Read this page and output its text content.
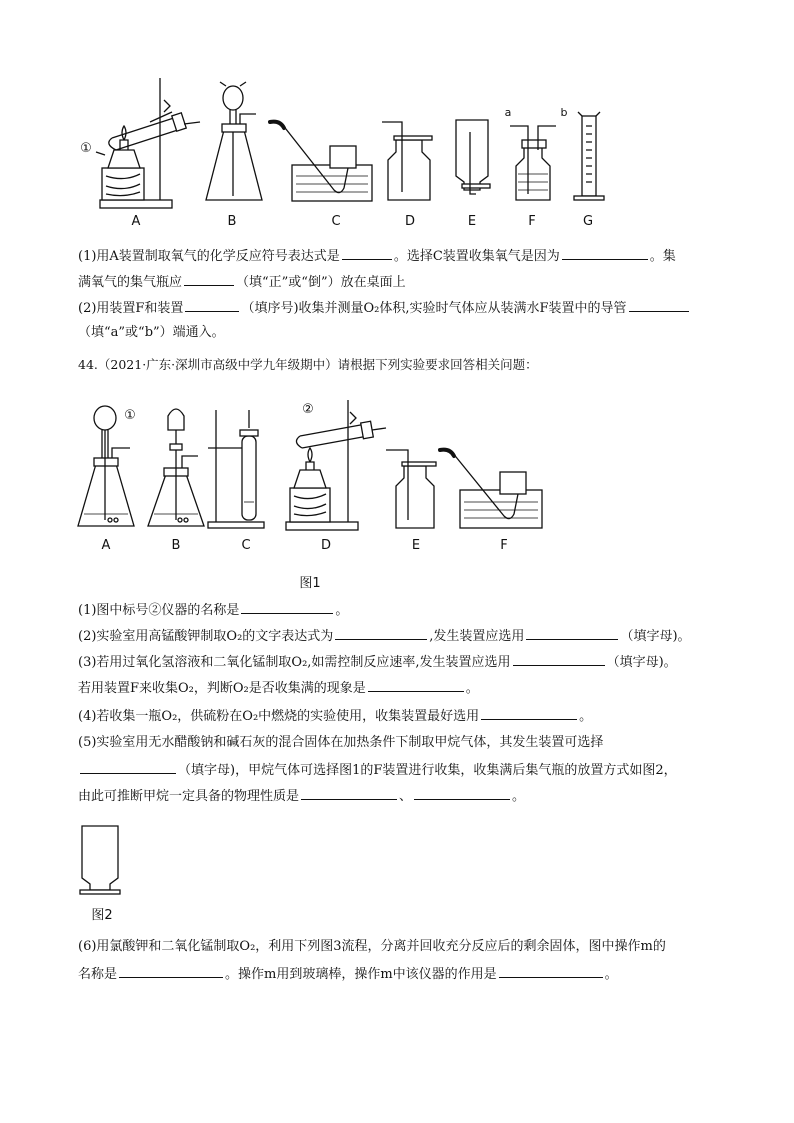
①
a	b
A	B	C	D	E	F	G
(1)用A装置制取氧气的化学反应符号表达式是	。选择C装置收集氧气是因为	。集
满氧气的集气瓶应	（填“正”或“倒”）放在桌面上
(2)用装置F和装置	（填序号)收集并测量O₂体积,实验时气体应从装满水F装置中的导管
（填“a”或“b”）端通入。
44.（2021·广东·深圳市高级中学九年级期中）请根据下列实验要求回答相关问题：
①	②
A	B	C	D	E	F
图1
(1)图中标号②仪器的名称是	。
(2)实验室用高锰酸钾制取O₂的文字表达式为	,发生装置应选用	（填字母)。
(3)若用过氧化氢溶液和二氧化锰制取O₂,如需控制反应速率,发生装置应选用	（填字母)。
若用装置F来收集O₂，判断O₂是否收集满的现象是	。
(4)若收集一瓶O₂，供硫粉在O₂中燃烧的实验使用，收集装置最好选用	。
(5)实验室用无水醋酸钠和碱石灰的混合固体在加热条件下制取甲烷气体，其发生装置可选择
（填字母)，甲烷气体可选择图1的F装置进行收集，收集满后集气瓶的放置方式如图2，
由此可推断甲烷一定具备的物理性质是	、	。
图2
(6)用氯酸钾和二氧化锰制取O₂，利用下列图3流程，分离并回收充分反应后的剩余固体，图中操作m的
名称是	。操作m用到玻璃棒，操作m中该仪器的作用是	。
